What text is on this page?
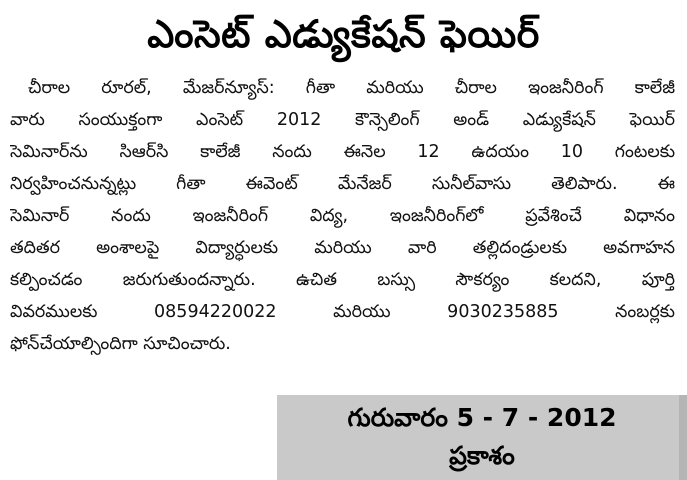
ఎంసెట్ ఎడ్యుకేషన్ ఫెయిర్
చీరాల రూరల్, మేజర్‌న్యూస్: గీతా మరియు చీరాల ఇంజనీరింగ్ కాలేజీ
వారు సంయుక్తంగా ఎంసెట్ 2012 కౌన్సెలింగ్ అండ్ ఎడ్యుకేషన్ ఫెయిర్
సెమినార్‌ను సిఆర్‌సి కాలేజీ నందు ఈనెల 12 ఉదయం 10 గంటలకు
నిర్వహించనున్నట్లు గీతా ఈవెంట్ మేనేజర్ సునీల్‌వాసు తెలిపారు. ఈ
సెమినార్ నందు ఇంజనీరింగ్ విద్య, ఇంజనీరింగ్‌లో ప్రవేశించే విధానం
తదితర అంశాలపై విద్యార్ధులకు మరియు వారి తల్లిదండ్రులకు అవగాహన
కల్పించడం జరుగుతుందన్నారు. ఉచిత బస్సు సౌకర్యం కలదని, పూర్తి
వివరములకు 08594220022 మరియు 9030235885 నంబర్లకు
ఫోన్‌చేయాల్సిందిగా సూచించారు.
గురువారం 5 - 7 - 2012
ప్రకాశం
